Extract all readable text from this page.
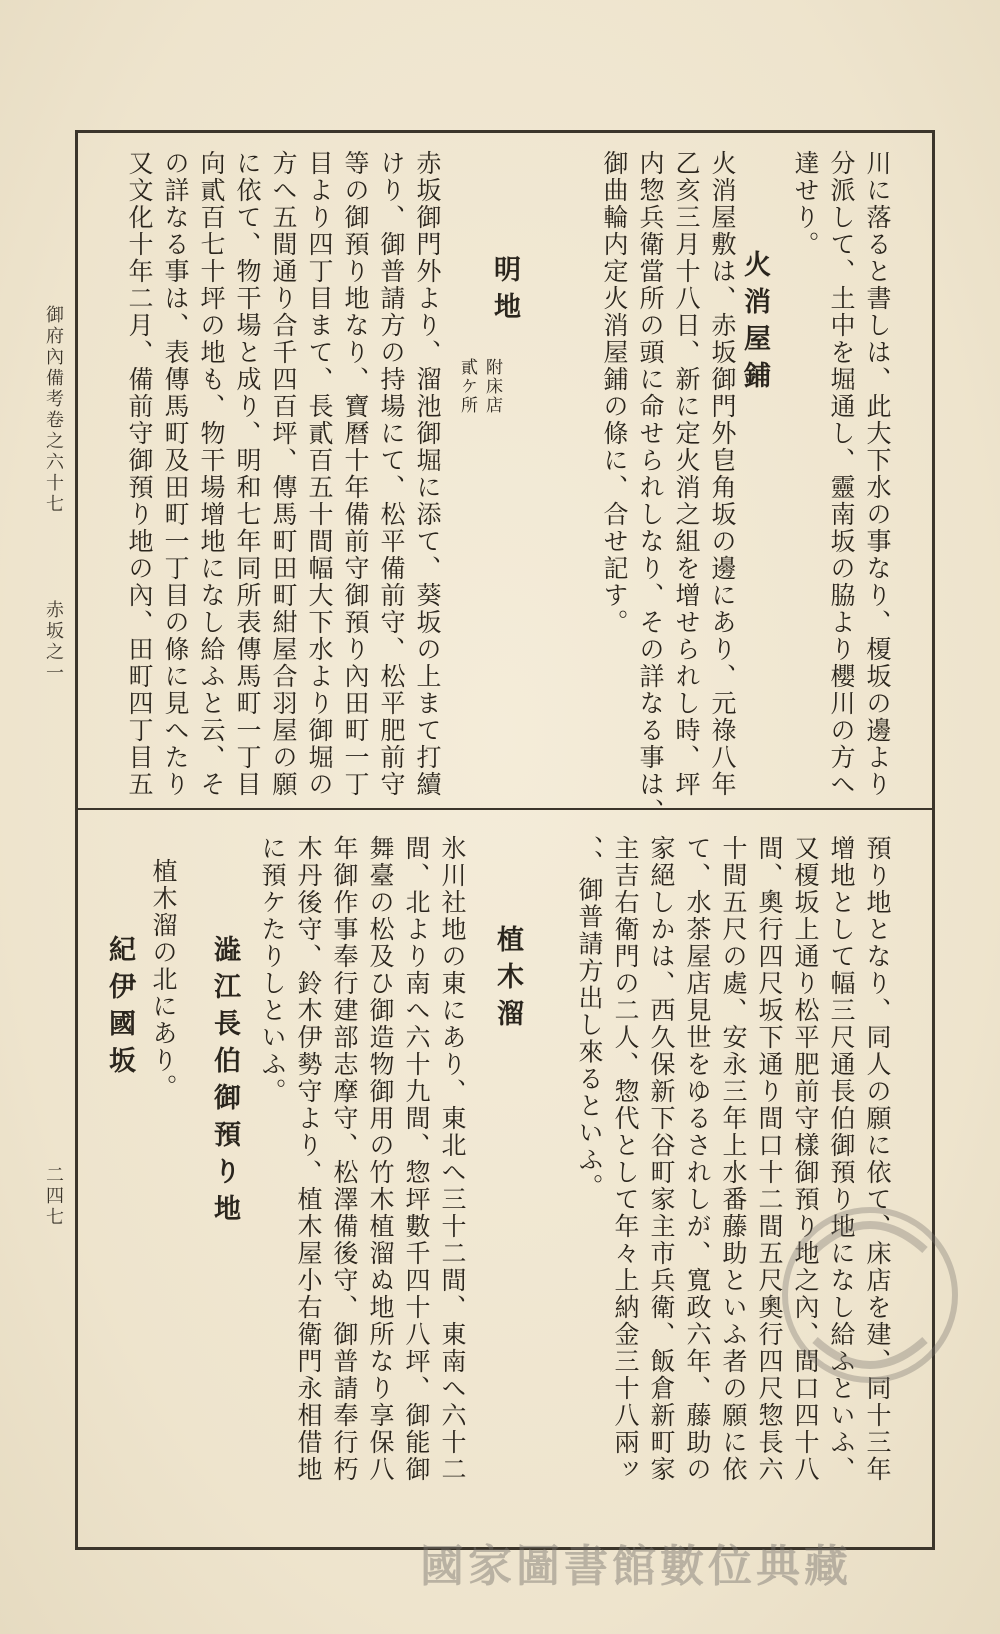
川に落ると書しは、此大下水の事なり、榎坂の邊より
分派して、土中を堀通し、靈南坂の脇より櫻川の方へ
達せり。
火消屋鋪
火消屋敷は、赤坂御門外皀角坂の邊にあり、元祿八年
乙亥三月十八日、新に定火消之組を增せられし時、坪
内惣兵衛當所の頭に命せられしなり、その詳なる事は、
御曲輪内定火消屋鋪の條に、合せ記す。
明地
附床店
貳ケ所
赤坂御門外より、溜池御堀に添て、葵坂の上まて打續
けり、御普請方の持場にて、松平備前守、松平肥前守
等の御預り地なり、寶曆十年備前守御預り內田町一丁
目より四丁目まて、長貳百五十間幅大下水より御堀の
方へ五間通り合千四百坪、傳馬町田町紺屋合羽屋の願
に依て、物干場と成り、明和七年同所表傳馬町一丁目
向貳百七十坪の地も、物干場增地になし給ふと云、そ
の詳なる事は、表傳馬町及田町一丁目の條に見へたり
又文化十年二月、備前守御預り地の內、田町四丁目五
預り地となり、同人の願に依て、床店を建、同十三年
增地として幅三尺通長伯御預り地になし給ふといふ、
又榎坂上通り松平肥前守樣御預り地之內、間口四十八
間、奧行四尺坂下通り間口十二間五尺奧行四尺惣長六
十間五尺の處、安永三年上水番藤助といふ者の願に依
て、水茶屋店見世をゆるされしが、寬政六年、藤助の
家絕しかは、西久保新下谷町家主市兵衛、飯倉新町家
主吉右衛門の二人、惣代として年々上納金三十八兩ッ
、、御普請方出し來るといふ。
植木溜
氷川社地の東にあり、東北へ三十二間、東南へ六十二
間、北より南へ六十九間、惣坪數千四十八坪、御能御
舞臺の松及ひ御造物御用の竹木植溜ぬ地所なり享保八
年御作事奉行建部志摩守、松澤備後守、御普請奉行朽
木丹後守、鈴木伊勢守より、植木屋小右衛門永相借地
に預ケたりしといふ。
澁江長伯御預り地
植木溜の北にあり。
紀伊國坂
御府內備考卷之六十七
赤坂之一
二四七
國家圖書館數位典藏
